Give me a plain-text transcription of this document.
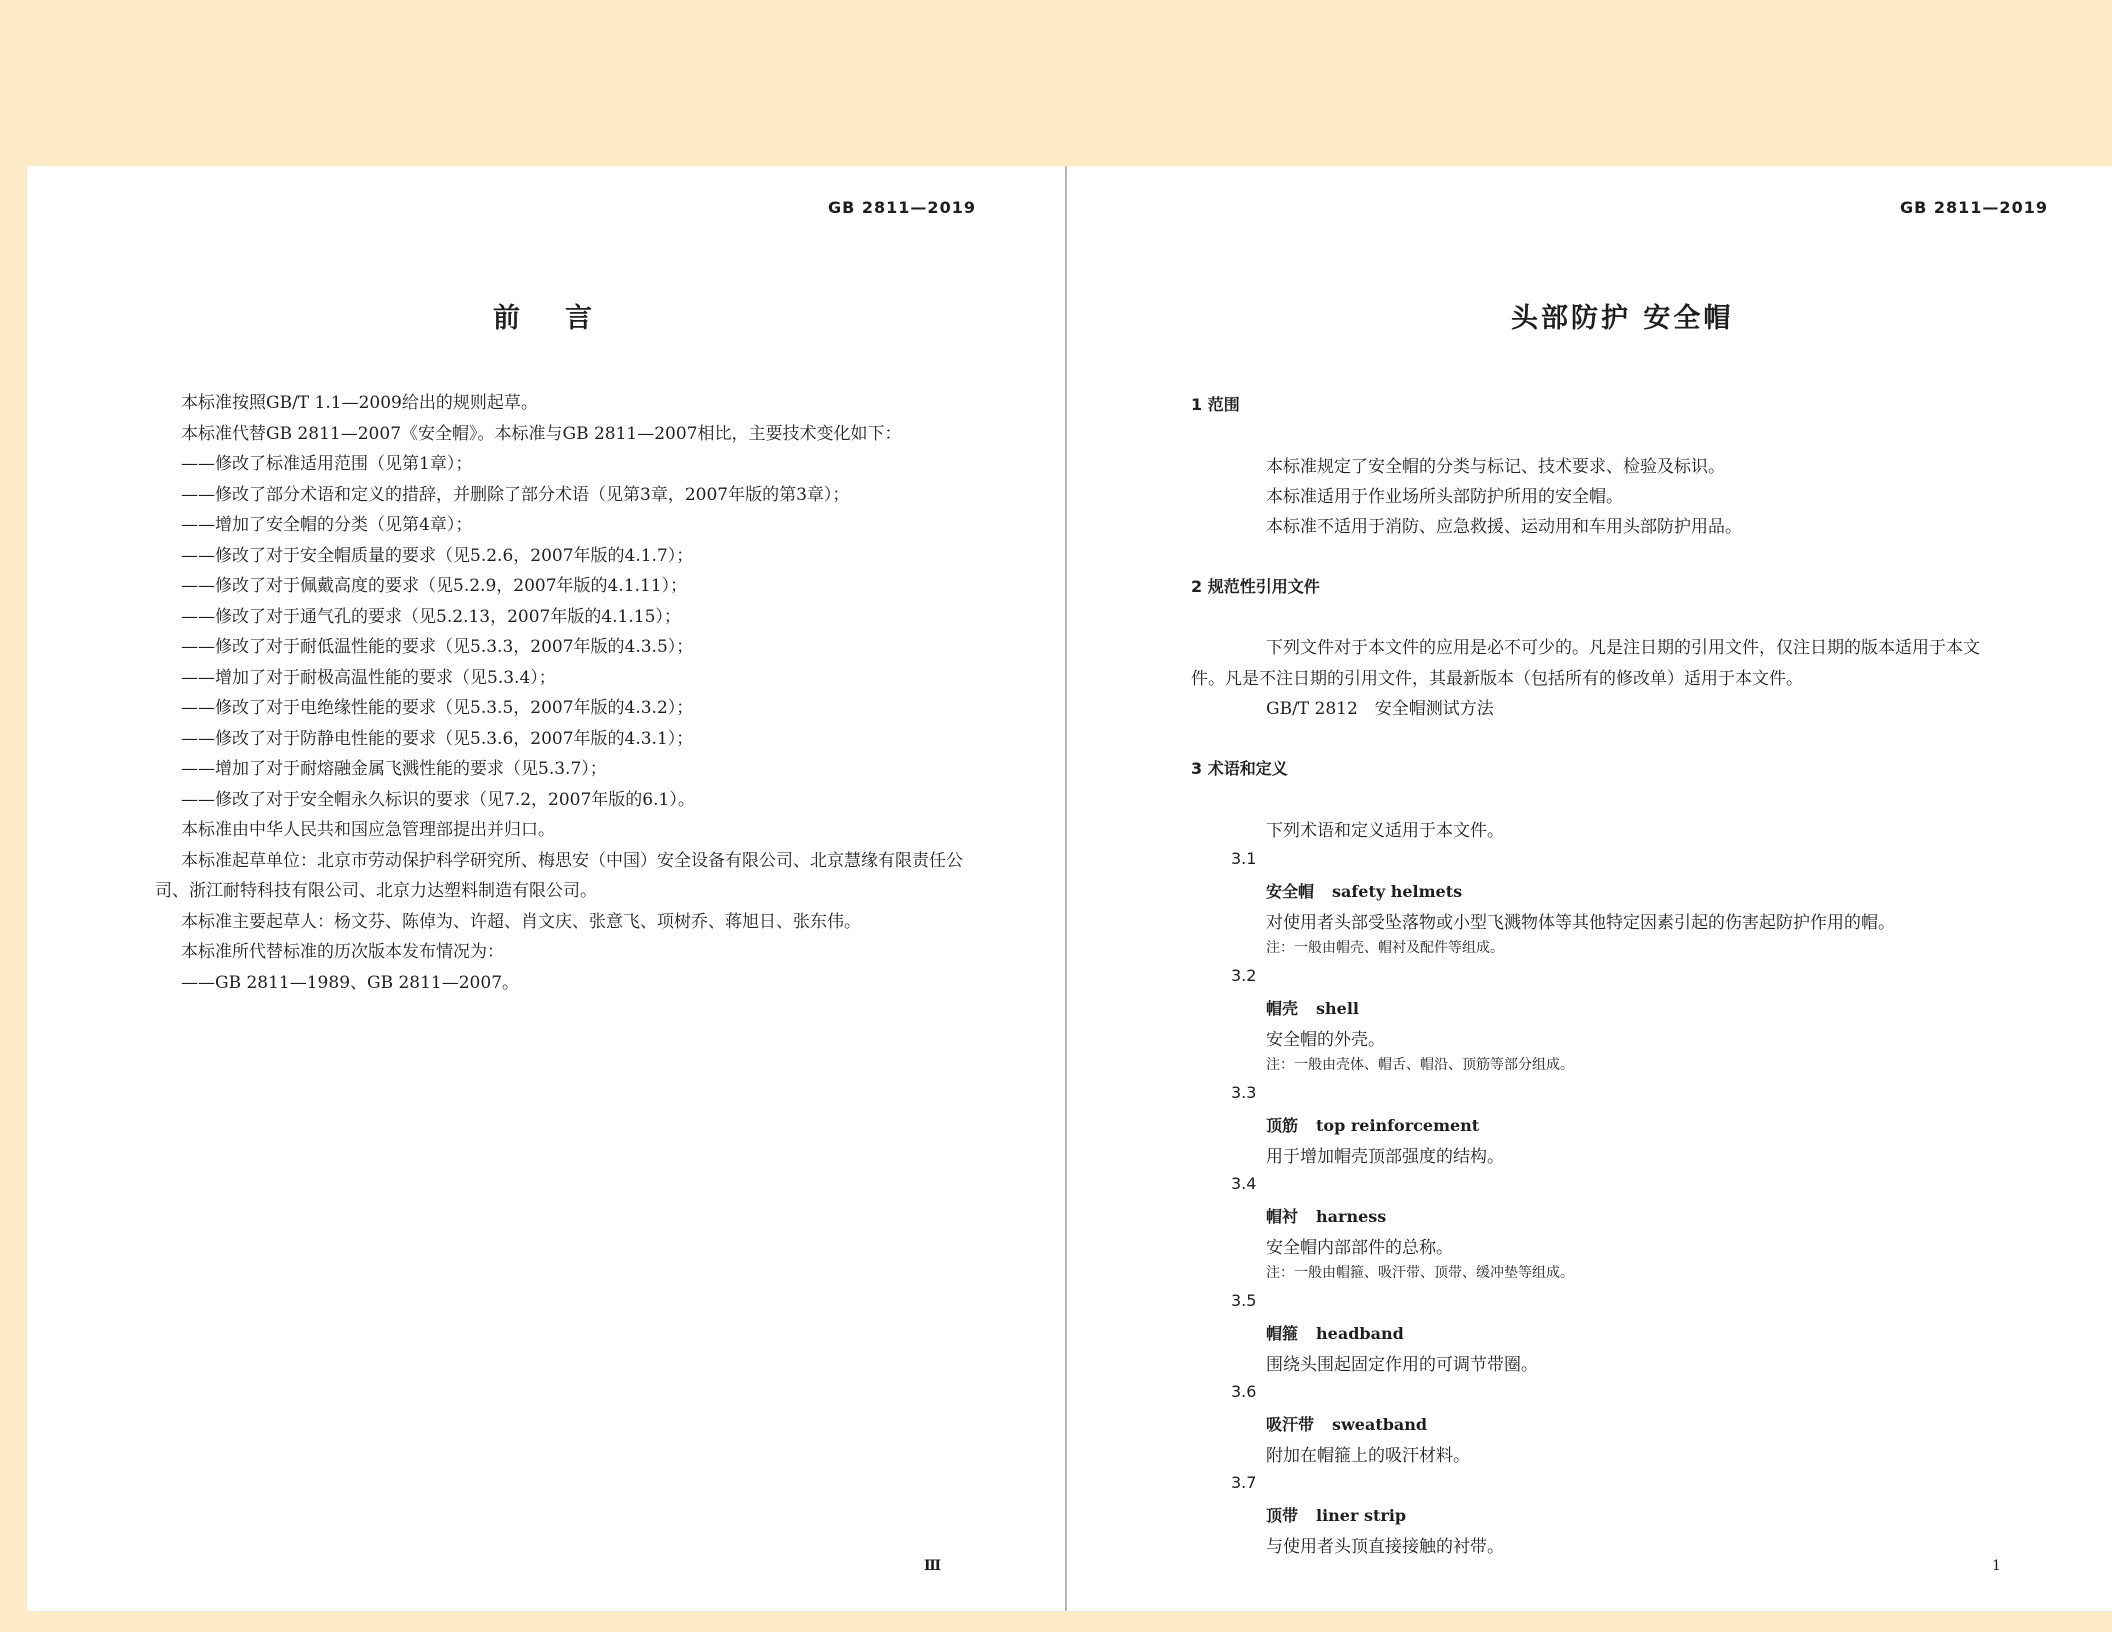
GB 2811—2019
前言
本标准按照GB/T 1.1—2009给出的规则起草。
本标准代替GB 2811—2007《安全帽》。本标准与GB 2811—2007相比，主要技术变化如下：
——修改了标准适用范围（见第1章）；
——修改了部分术语和定义的措辞，并删除了部分术语（见第3章，2007年版的第3章）；
——增加了安全帽的分类（见第4章）；
——修改了对于安全帽质量的要求（见5.2.6，2007年版的4.1.7）；
——修改了对于佩戴高度的要求（见5.2.9，2007年版的4.1.11）；
——修改了对于通气孔的要求（见5.2.13，2007年版的4.1.15）；
——修改了对于耐低温性能的要求（见5.3.3，2007年版的4.3.5）；
——增加了对于耐极高温性能的要求（见5.3.4）；
——修改了对于电绝缘性能的要求（见5.3.5，2007年版的4.3.2）；
——修改了对于防静电性能的要求（见5.3.6，2007年版的4.3.1）；
——增加了对于耐熔融金属飞溅性能的要求（见5.3.7）；
——修改了对于安全帽永久标识的要求（见7.2，2007年版的6.1）。
本标准由中华人民共和国应急管理部提出并归口。
本标准起草单位：北京市劳动保护科学研究所、梅思安（中国）安全设备有限公司、北京慧缘有限责任公司、浙江耐特科技有限公司、北京力达塑料制造有限公司。
本标准主要起草人：杨文芬、陈倬为、许超、肖文庆、张意飞、项树乔、蒋旭日、张东伟。
本标准所代替标准的历次版本发布情况为：
——GB 2811—1989、GB 2811—2007。
Ⅲ
GB 2811—2019
头部防护 安全帽
1 范围
本标准规定了安全帽的分类与标记、技术要求、检验及标识。
本标准适用于作业场所头部防护所用的安全帽。
本标准不适用于消防、应急救援、运动用和车用头部防护用品。
2 规范性引用文件
下列文件对于本文件的应用是必不可少的。凡是注日期的引用文件，仅注日期的版本适用于本文件。凡是不注日期的引用文件，其最新版本（包括所有的修改单）适用于本文件。
GB/T 2812　安全帽测试方法
3 术语和定义
下列术语和定义适用于本文件。
3.1
安全帽 safety helmets
对使用者头部受坠落物或小型飞溅物体等其他特定因素引起的伤害起防护作用的帽。
注：一般由帽壳、帽衬及配件等组成。
3.2
帽壳 shell
安全帽的外壳。
注：一般由壳体、帽舌、帽沿、顶筋等部分组成。
3.3
顶筋 top reinforcement
用于增加帽壳顶部强度的结构。
3.4
帽衬 harness
安全帽内部部件的总称。
注：一般由帽箍、吸汗带、顶带、缓冲垫等组成。
3.5
帽箍 headband
围绕头围起固定作用的可调节带圈。
3.6
吸汗带 sweatband
附加在帽箍上的吸汗材料。
3.7
顶带 liner strip
与使用者头顶直接接触的衬带。
1
